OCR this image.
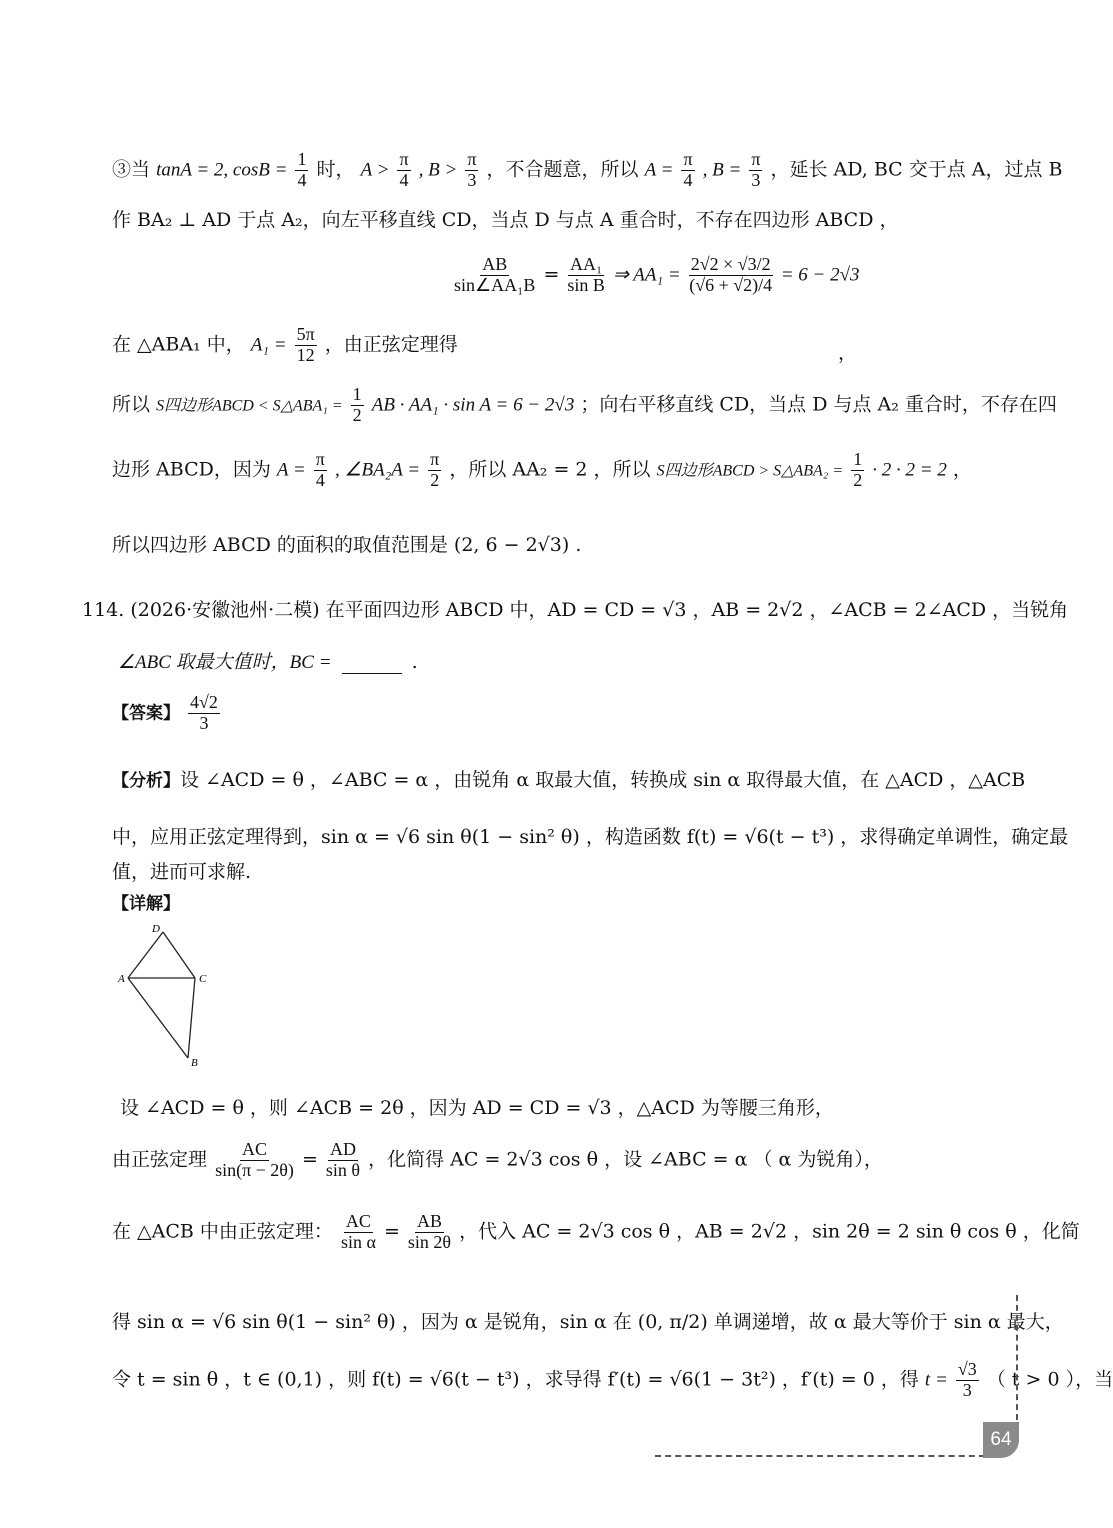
③当 tanA = 2, $\cos B = \frac{1}{4}$ 时， $A > \frac{\pi}{4}$ , $B > \frac{\pi}{3}$ ，不合题意，所以 $A = \frac{\pi}{4}$ , $B = \frac{\pi}{3}$ ，延长 AD, BC 交于点 A，过点 B
作 BA₂ ⊥ AD 于点 A₂，向左平移直线 CD，当点 D 与点 A 重合时，不存在四边形 ABCD ，
$\frac{AB}{\text{sin∠AA₁B}} = \frac{\text{AA₁}}{\text{sin B}}$ ⇒ $AA_1 = \frac{2√2 \times √3/2}{(√6 + √2)/4} = 6 - 2√3$
在 △ABA₁ 中， $A_1 = \frac{5\pi}{12}$ ，由正弦定理得	，
所以 S四边形ABCD < S△ABA₁ = $\frac{1}{2}$ AB · AA₁ · sin A = 6 − 2√3 ；向右平移直线 CD，当点 D 与点 A₂ 重合时，不存在四
边形 ABCD，因为 $A = \frac{\pi}{4}$ , ∠BA₂A = $\frac{\pi}{2}$ ，所以 AA₂ = 2 ，所以 S四边形ABCD > S△ABA₂ = $\frac{1}{2} \cdot 2 \cdot 2 = 2$ ，
所以四边形 ABCD 的面积的取值范围是 (2, 6 − 2√3) .
114. (2026·安徽池州·二模) 在平面四边形 ABCD 中，AD = CD = √3 ，AB = 2√2 ，∠ACB = 2∠ACD ，当锐角
∠ABC 取最大值时，BC =	.
【答案】 $\frac{4√2}{3}$
【分析】设 ∠ACD = θ ，∠ABC = α ，由锐角 α 取最大值，转换成 sin α 取得最大值，在 △ACD ，△ACB
中，应用正弦定理得到，sin α = √6 sin θ(1 − sin² θ) ，构造函数 f(t) = √6(t − t³) ，求得确定单调性，确定最
值，进而可求解.
【详解】
D
A	C
B
设 ∠ACD = θ ，则 ∠ACB = 2θ ，因为 AD = CD = √3 ，△ACD 为等腰三角形，
由正弦定理 $\frac{AC}{\sin(\pi - 2\theta)} = \frac{AD}{\text{sin θ}}$ ，化简得 AC = 2√3 cos θ ，设 ∠ABC = α （ α 为锐角），
在 △ACB 中由正弦定理： $\frac{AC}{\text{sin α}} = \frac{AB}{\sin 2\theta}$ ，代入 AC = 2√3 cos θ ，AB = 2√2 ，sin 2θ = 2 sin θ cos θ ，化简
得 sin α = √6 sin θ(1 − sin² θ) ，因为 α 是锐角，sin α 在 (0, π/2) 单调递增，故 α 最大等价于 sin α 最大，
令 t = sin θ ，t ∈ (0,1) ，则 f(t) = √6(t − t³) ，求导得 f′(t) = √6(1 − 3t²) ，f′(t) = 0 ，得 $t = \frac{√3}{3}$ （ t > 0 ），当
64
